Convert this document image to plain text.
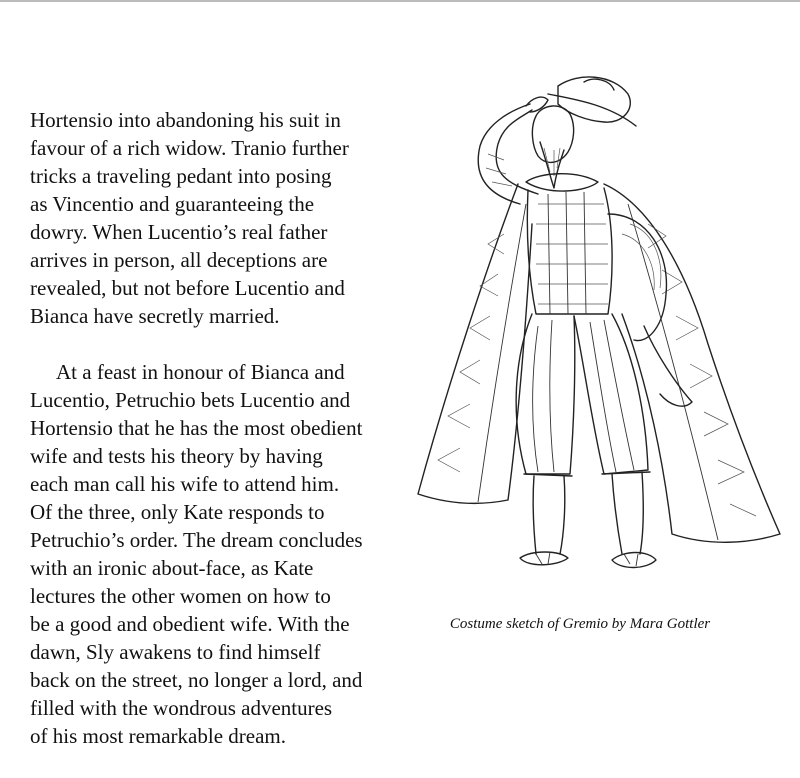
Hortensio into abandoning his suit in
favour of a rich widow. Tranio further
tricks a traveling pedant into posing
as Vincentio and guaranteeing the
dowry. When Lucentio’s real father
arrives in person, all deceptions are
revealed, but not before Lucentio and
Bianca have secretly married.

At a feast in honour of Bianca and
Lucentio, Petruchio bets Lucentio and
Hortensio that he has the most obedient
wife and tests his theory by having
each man call his wife to attend him.
Of the three, only Kate responds to
Petruchio’s order. The dream concludes
with an ironic about-face, as Kate
lectures the other women on how to
be a good and obedient wife. With the
dawn, Sly awakens to find himself
back on the street, no longer a lord, and
filled with the wondrous adventures
of his most remarkable dream.

Costume sketch of Gremio by Mara Gottler
